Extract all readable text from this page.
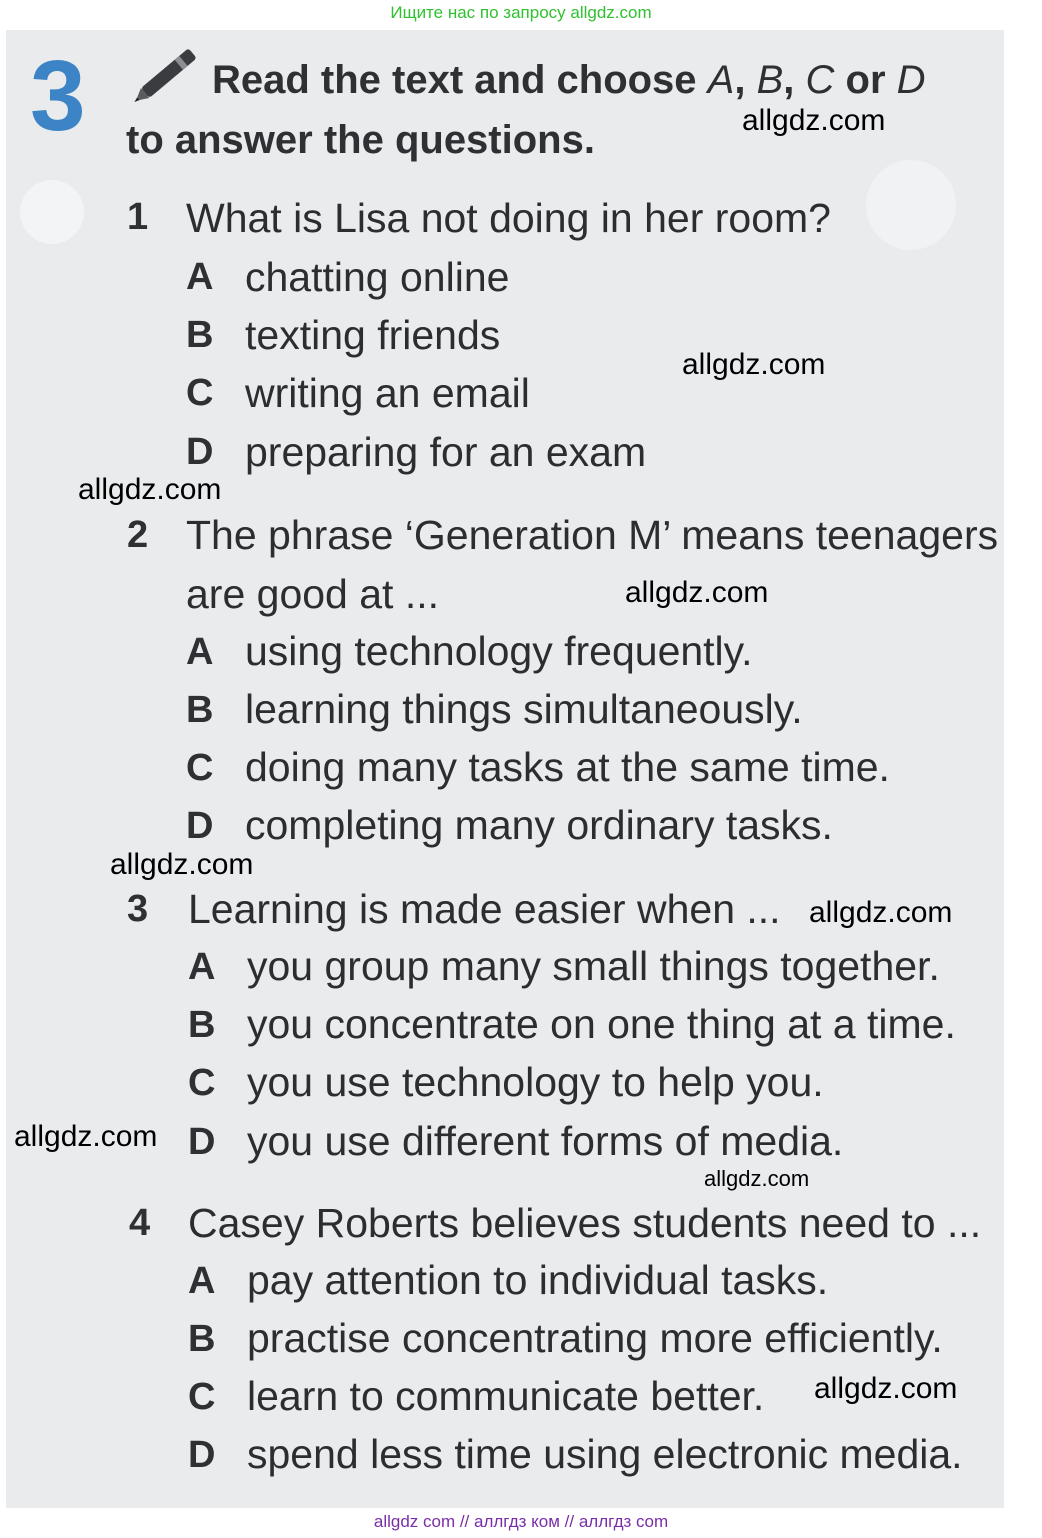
Ищите нас по запросу allgdz.com
3	Read the text and choose A, B, C or D to answer the questions.

1 What is Lisa not doing in her room?
A chatting online
B texting friends
C writing an email
D preparing for an exam
2 The phrase ‘Generation M’ means teenagers
are good at ...
A using technology frequently.
B learning things simultaneously.
C doing many tasks at the same time.
D completing many ordinary tasks.
3 Learning is made easier when ...
A you group many small things together.
B you concentrate on one thing at a time.
C you use technology to help you.
D you use different forms of media.
4 Casey Roberts believes students need to ...
A pay attention to individual tasks.
B practise concentrating more efficiently.
C learn to communicate better.
D spend less time using electronic media.
allgdz.com
allgdz.com
allgdz.com
allgdz.com
allgdz.com
allgdz.com
allgdz.com
allgdz.com
allgdz.com
allgdz com // аллгдз ком // аллгдз com
